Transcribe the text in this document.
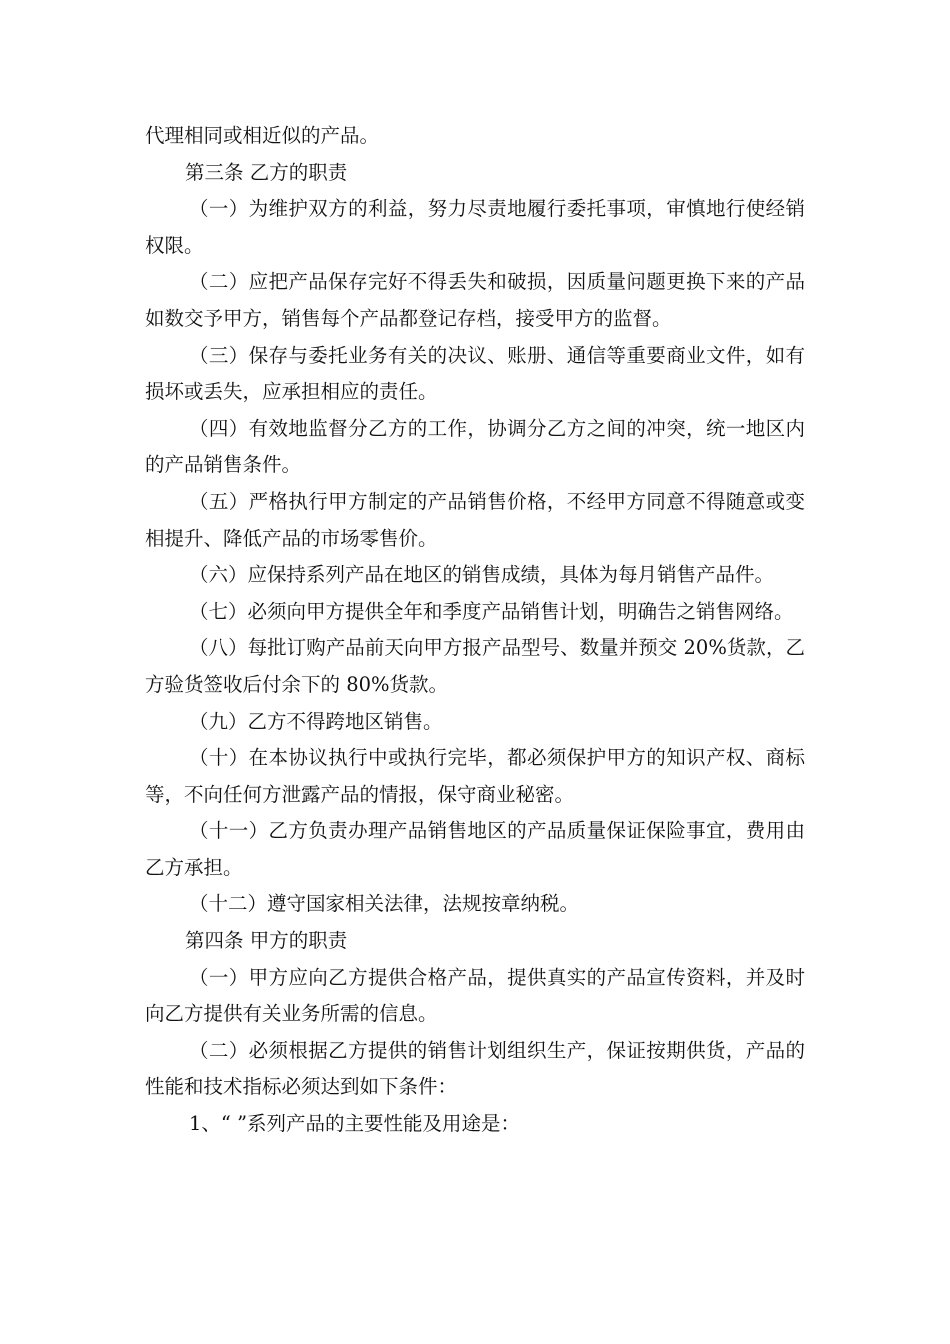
代理相同或相近似的产品。

第三条 乙方的职责

（一）为维护双方的利益，努力尽责地履行委托事项，审慎地行使经销权限。

（二）应把产品保存完好不得丢失和破损，因质量问题更换下来的产品如数交予甲方，销售每个产品都登记存档，接受甲方的监督。

（三）保存与委托业务有关的决议、账册、通信等重要商业文件，如有损坏或丢失，应承担相应的责任。

（四）有效地监督分乙方的工作，协调分乙方之间的冲突，统一地区内的产品销售条件。

（五）严格执行甲方制定的产品销售价格，不经甲方同意不得随意或变相提升、降低产品的市场零售价。

（六）应保持系列产品在地区的销售成绩，具体为每月销售产品件。

（七）必须向甲方提供全年和季度产品销售计划，明确告之销售网络。

（八）每批订购产品前天向甲方报产品型号、数量并预交 20%货款，乙方验货签收后付余下的 80%货款。

（九）乙方不得跨地区销售。

（十）在本协议执行中或执行完毕，都必须保护甲方的知识产权、商标等，不向任何方泄露产品的情报，保守商业秘密。

（十一）乙方负责办理产品销售地区的产品质量保证保险事宜，费用由乙方承担。

（十二）遵守国家相关法律，法规按章纳税。

第四条 甲方的职责

（一）甲方应向乙方提供合格产品，提供真实的产品宣传资料，并及时向乙方提供有关业务所需的信息。

（二）必须根据乙方提供的销售计划组织生产，保证按期供货，产品的性能和技术指标必须达到如下条件：

1、“ ”系列产品的主要性能及用途是：
